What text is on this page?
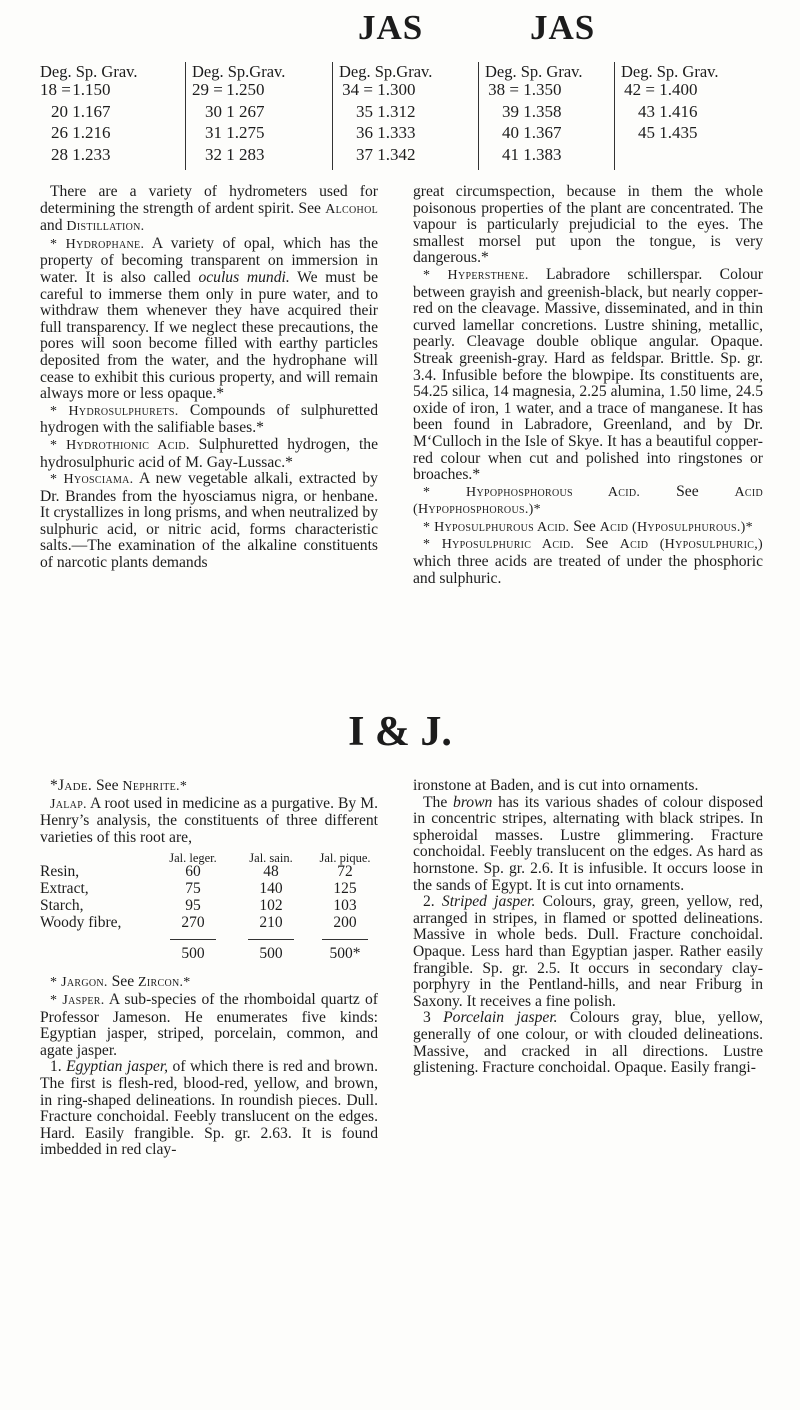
JAS	JAS
Deg. Sp. Grav.
18 = 1.150
20 1.167
26 1.216
28 1.233
Deg. Sp.Grav.
29 = 1.250
30 1 267
31 1.275
32 1 283
Deg. Sp.Grav.
34 = 1.300
35 1.312
36 1.333
37 1.342
Deg. Sp. Grav.
38 = 1.350
39 1.358
40 1.367
41 1.383
Deg. Sp. Grav.
42 = 1.400
43 1.416
45 1.435

There are a variety of hydrometers used for determining the strength of ardent spirit. See Alcohol and Distillation.

* Hydrophane. A variety of opal, which has the property of becoming transparent on immersion in water. It is also called oculus mundi. We must be careful to immerse them only in pure water, and to withdraw them whenever they have acquired their full transparency. If we neglect these precautions, the pores will soon become filled with earthy particles deposited from the water, and the hydrophane will cease to exhibit this curious property, and will remain always more or less opaque.*

* Hydrosulphurets. Compounds of sulphuretted hydrogen with the salifiable bases.*

* Hydrothionic Acid. Sulphuretted hydrogen, the hydrosulphuric acid of M. Gay-Lussac.*

* Hyosciama. A new vegetable alkali, extracted by Dr. Brandes from the hyosciamus nigra, or henbane. It crystallizes in long prisms, and when neutralized by sulphuric acid, or nitric acid, forms characteristic salts.—The examination of the alkaline constituents of narcotic plants demands

great circumspection, because in them the whole poisonous properties of the plant are concentrated. The vapour is particularly prejudicial to the eyes. The smallest morsel put upon the tongue, is very dangerous.*

* Hypersthene. Labradore schillerspar. Colour between grayish and greenish-black, but nearly copper-red on the cleavage. Massive, disseminated, and in thin curved lamellar concretions. Lustre shining, metallic, pearly. Cleavage double oblique angular. Opaque. Streak greenish-gray. Hard as feldspar. Brittle. Sp. gr. 3.4. Infusible before the blowpipe. Its constituents are, 54.25 silica, 14 magnesia, 2.25 alumina, 1.50 lime, 24.5 oxide of iron, 1 water, and a trace of manganese. It has been found in Labradore, Greenland, and by Dr. M‘Culloch in the Isle of Skye. It has a beautiful copper-red colour when cut and polished into ringstones or broaches.*

* Hypophosphorous Acid. See	Acid (Hypophosphorous.)*

* Hyposulphurous Acid. See Acid (Hyposulphurous.)*

* Hyposulphuric Acid. See Acid (Hyposulphuric,) which three acids are treated of under the phosphoric and sulphuric.

I & J.

*Jade. See Nephrite.*

Jalap. A root used in medicine as a purgative. By M. Henry’s analysis, the constituents of three different varieties of this root are,

Jal. leger.	Jal. sain.	Jal. pique.
Resin,	60	48	72
Extract,	75	140	125
Starch,	95	102	103
Woody fibre,	270	210	200
500	500	500*

* Jargon. See Zircon.*

* Jasper. A sub-species of the rhomboidal quartz of Professor Jameson. He enumerates five kinds: Egyptian jasper, striped, porcelain, common, and agate jasper.

1. Egyptian jasper, of which there is red and brown. The first is flesh-red, blood-red, yellow, and brown, in ring-shaped delineations. In roundish pieces. Dull. Fracture conchoidal. Feebly translucent on the edges. Hard. Easily frangible. Sp. gr. 2.63. It is found imbedded in red clay-

ironstone at Baden, and is cut into ornaments.

The brown has its various shades of colour disposed in concentric stripes, alternating with black stripes. In spheroidal masses. Lustre glimmering. Fracture conchoidal. Feebly translucent on the edges. As hard as hornstone. Sp. gr. 2.6. It is infusible. It occurs loose in the sands of Egypt. It is cut into ornaments.

2. Striped jasper. Colours, gray, green, yellow, red, arranged in stripes, in flamed or spotted delineations. Massive in whole beds. Dull. Fracture conchoidal. Opaque. Less hard than Egyptian jasper. Rather easily frangible. Sp. gr. 2.5. It occurs in secondary clay-porphyry in the Pentland-hills, and near Friburg in Saxony. It receives a fine polish.

3 Porcelain jasper. Colours gray, blue, yellow, generally of one colour, or with clouded delineations. Massive, and cracked in all directions. Lustre glistening. Fracture conchoidal. Opaque. Easily frangi-
